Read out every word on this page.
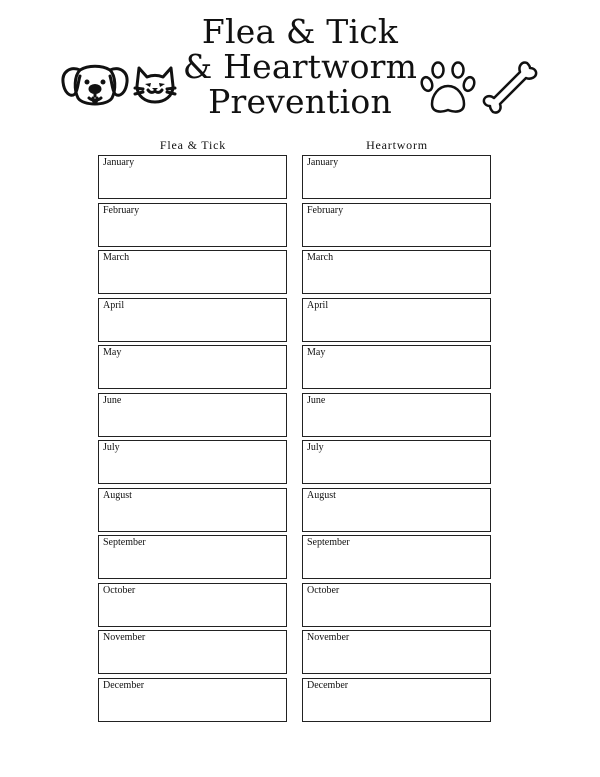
Flea & Tick
& Heartworm
Prevention
Flea & Tick	Heartworm
January
February
March
April
May
June
July
August
September
October
November
December
January
February
March
April
May
June
July
August
September
October
November
December
